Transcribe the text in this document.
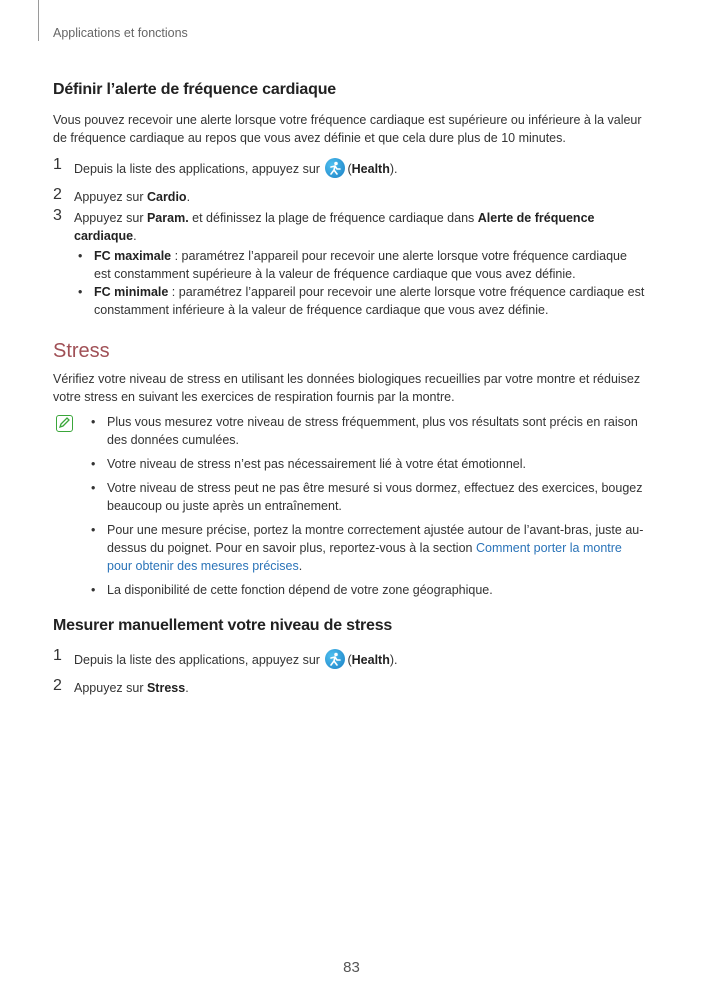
Applications et fonctions
Définir l’alerte de fréquence cardiaque

Vous pouvez recevoir une alerte lorsque votre fréquence cardiaque est supérieure ou inférieure à la valeur de fréquence cardiaque au repos que vous avez définie et que cela dure plus de 10 minutes.

1 Depuis la liste des applications, appuyez sur (Health).
2 Appuyez sur Cardio.
3 Appuyez sur Param. et définissez la plage de fréquence cardiaque dans Alerte de fréquence cardiaque.
• FC maximale : paramétrez l’appareil pour recevoir une alerte lorsque votre fréquence cardiaque est constamment supérieure à la valeur de fréquence cardiaque que vous avez définie.
• FC minimale : paramétrez l’appareil pour recevoir une alerte lorsque votre fréquence cardiaque est constamment inférieure à la valeur de fréquence cardiaque que vous avez définie.
Stress

Vérifiez votre niveau de stress en utilisant les données biologiques recueillies par votre montre et réduisez votre stress en suivant les exercices de respiration fournis par la montre.

• Plus vous mesurez votre niveau de stress fréquemment, plus vos résultats sont précis en raison des données cumulées.
• Votre niveau de stress n’est pas nécessairement lié à votre état émotionnel.
• Votre niveau de stress peut ne pas être mesuré si vous dormez, effectuez des exercices, bougez beaucoup ou juste après un entraînement.
• Pour une mesure précise, portez la montre correctement ajustée autour de l’avant-bras, juste au-dessus du poignet. Pour en savoir plus, reportez-vous à la section Comment porter la montre pour obtenir des mesures précises.
• La disponibilité de cette fonction dépend de votre zone géographique.
Mesurer manuellement votre niveau de stress
1 Depuis la liste des applications, appuyez sur (Health).
2 Appuyez sur Stress.
83
